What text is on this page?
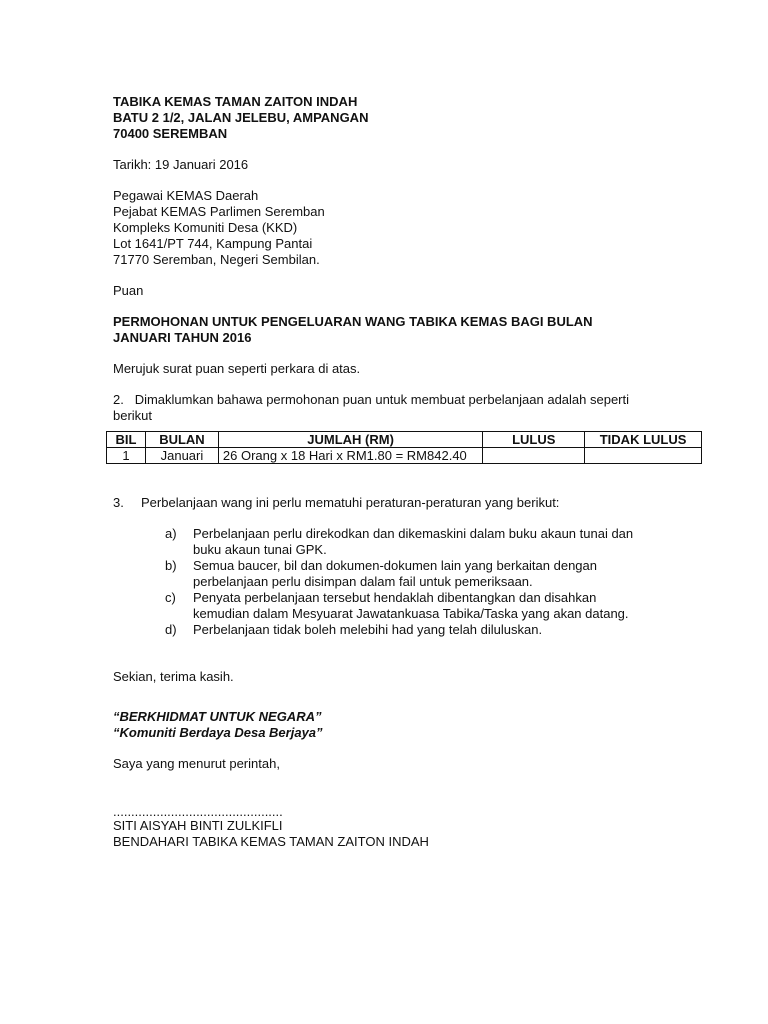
TABIKA KEMAS TAMAN ZAITON INDAH
BATU 2 1/2, JALAN JELEBU, AMPANGAN
70400 SEREMBAN
Tarikh: 19 Januari 2016
Pegawai KEMAS Daerah
Pejabat KEMAS Parlimen Seremban
Kompleks Komuniti Desa (KKD)
Lot 1641/PT 744, Kampung Pantai
71770 Seremban, Negeri Sembilan.
Puan
PERMOHONAN UNTUK PENGELUARAN WANG TABIKA KEMAS BAGI BULAN
JANUARI TAHUN 2016
Merujuk surat puan seperti perkara di atas.
2. Dimaklumkan bahawa permohonan puan untuk membuat perbelanjaan adalah seperti
berikut
BIL	BULAN	JUMLAH (RM)	LULUS	TIDAK LULUS
1	Januari	26 Orang x 18 Hari x RM1.80 = RM842.40		
3.	Perbelanjaan wang ini perlu mematuhi peraturan-peraturan yang berikut:
a)	Perbelanjaan perlu direkodkan dan dikemaskini dalam buku akaun tunai dan
buku akaun tunai GPK.
b)	Semua baucer, bil dan dokumen-dokumen lain yang berkaitan dengan
perbelanjaan perlu disimpan dalam fail untuk pemeriksaan.
c)	Penyata perbelanjaan tersebut hendaklah dibentangkan dan disahkan
kemudian dalam Mesyuarat Jawatankuasa Tabika/Taska yang akan datang.
d)	Perbelanjaan tidak boleh melebihi had yang telah diluluskan.
Sekian, terima kasih.
“BERKHIDMAT UNTUK NEGARA”
“Komuniti Berdaya Desa Berjaya”
Saya yang menurut perintah,
...............................................
SITI AISYAH BINTI ZULKIFLI
BENDAHARI TABIKA KEMAS TAMAN ZAITON INDAH
